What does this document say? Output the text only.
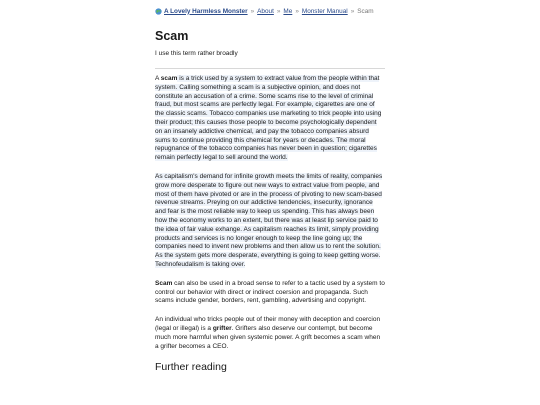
A Lovely Harmless Monster » About » Me » Monster Manual » Scam
Scam
I use this term rather broadly

A scam is a trick used by a system to extract value from the people within that system. Calling something a scam is a subjective opinion, and does not constitute an accusation of a crime. Some scams rise to the level of criminal fraud, but most scams are perfectly legal. For example, cigarettes are one of the classic scams. Tobacco companies use marketing to trick people into using their product; this causes those people to become psychologically dependent on an insanely addictive chemical, and pay the tobacco companies absurd sums to continue providing this chemical for years or decades. The moral repugnance of the tobacco companies has never been in question; cigarettes remain perfectly legal to sell around the world.

As capitalism's demand for infinite growth meets the limits of reality, companies grow more desperate to figure out new ways to extract value from people, and most of them have pivoted or are in the process of pivoting to new scam-based revenue streams. Preying on our addictive tendencies, insecurity, ignorance and fear is the most reliable way to keep us spending. This has always been how the economy works to an extent, but there was at least lip service paid to the idea of fair value exhange. As capitalism reaches its limit, simply providing products and services is no longer enough to keep the line going up; the companies need to invent new problems and then allow us to rent the solution. As the system gets more desperate, everything is going to keep getting worse. Technofeudalism is taking over.

Scam can also be used in a broad sense to refer to a tactic used by a system to control our behavior with direct or indirect coersion and propaganda. Such scams include gender, borders, rent, gambling, advertising and copyright.

An individual who tricks people out of their money with deception and coercion (legal or illegal) is a grifter. Grifters also deserve our contempt, but become much more harmful when given systemic power. A grift becomes a scam when a grifter becomes a CEO.

Further reading
